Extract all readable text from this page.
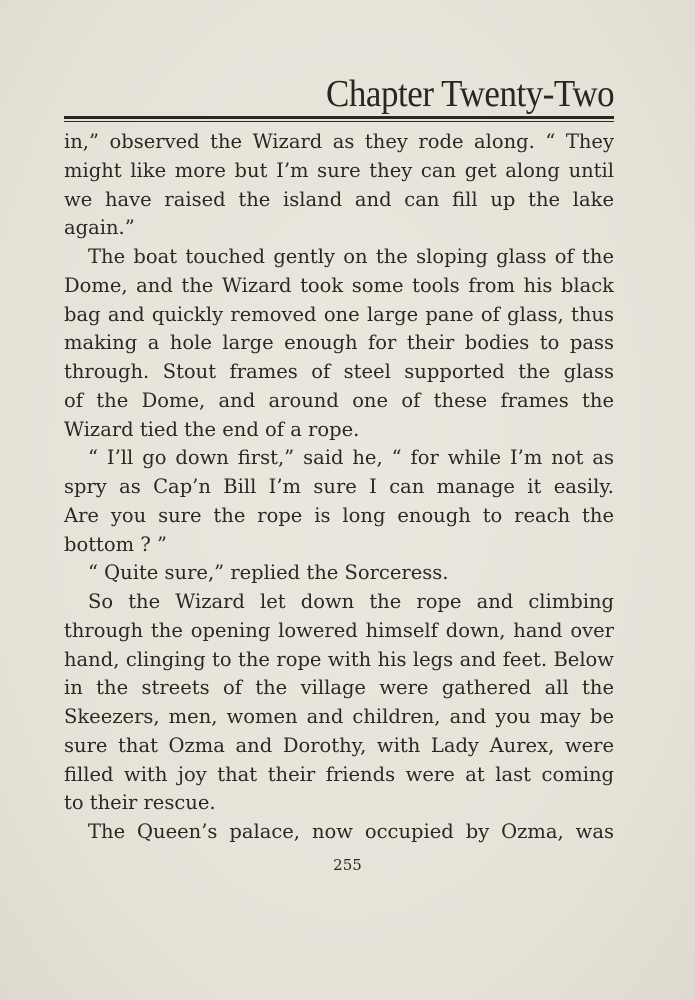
Chapter Twenty-Two
in,” observed the Wizard as they rode along. “ They
might like more but I’m sure they can get along until
we have raised the island and can fill up the lake
again.”
The boat touched gently on the sloping glass of the
Dome, and the Wizard took some tools from his black
bag and quickly removed one large pane of glass, thus
making a hole large enough for their bodies to pass
through. Stout frames of steel supported the glass
of the Dome, and around one of these frames the
Wizard tied the end of a rope.
“ I’ll go down first,” said he, “ for while I’m not as
spry as Cap’n Bill I’m sure I can manage it easily.
Are you sure the rope is long enough to reach the
bottom ? ”
“ Quite sure,” replied the Sorceress.
So the Wizard let down the rope and climbing
through the opening lowered himself down, hand over
hand, clinging to the rope with his legs and feet. Below
in the streets of the village were gathered all the
Skeezers, men, women and children, and you may be
sure that Ozma and Dorothy, with Lady Aurex, were
filled with joy that their friends were at last coming
to their rescue.
The Queen’s palace, now occupied by Ozma, was
255
